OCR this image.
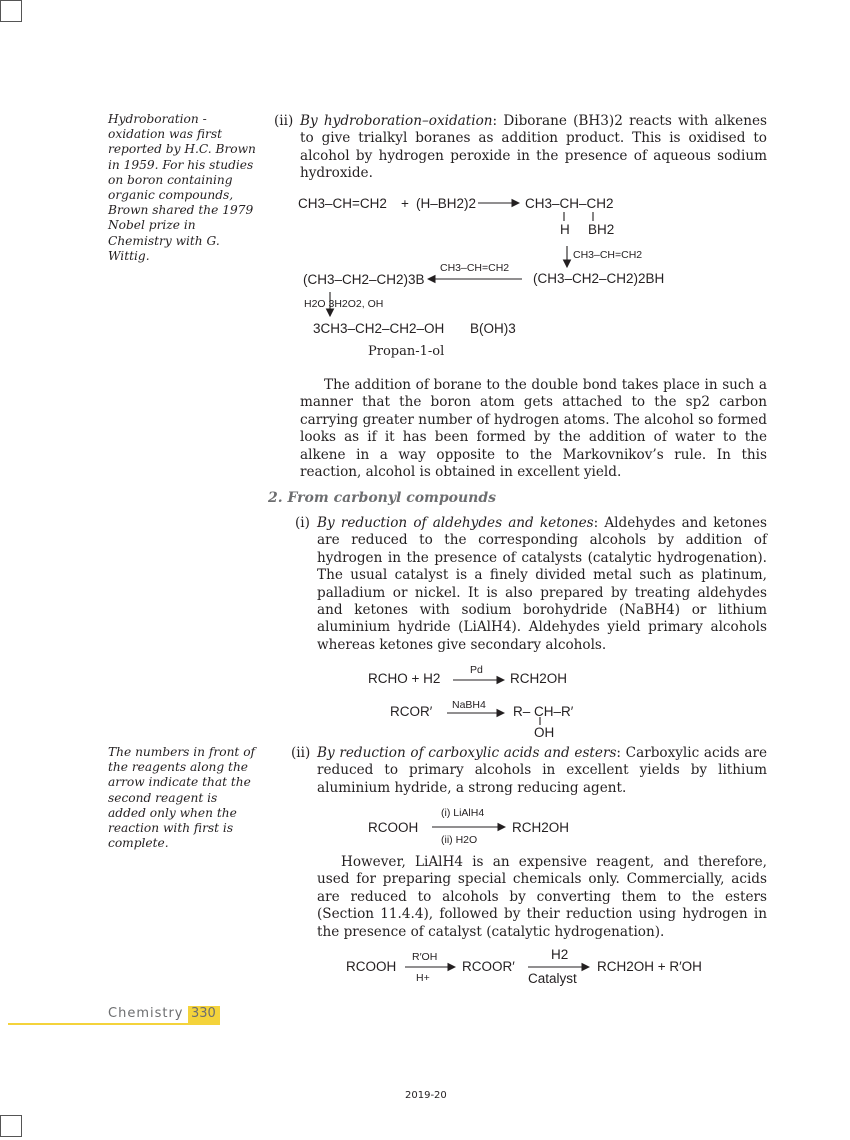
Hydroboration - oxidation was first reported by H.C. Brown in 1959. For his studies on boron containing organic compounds, Brown shared the 1979 Nobel prize in Chemistry with G. Wittig.
The numbers in front of the reagents along the arrow indicate that the second reagent is added only when the reaction with first is complete.
(ii) By hydroboration–oxidation: Diborane (BH3)2 reacts with alkenes to give trialkyl boranes as addition product. This is oxidised to alcohol by hydrogen peroxide in the presence of aqueous sodium hydroxide.
CH3–CH=CH2 + (H–BH2)2	CH3–CH–CH2
H BH2
CH3–CH=CH2
(CH3–CH2–CH2)2BH
CH3–CH=CH2
(CH3–CH2–CH2)3B
H2O 3H2O2, OH
3CH3–CH2–CH2–OH B(OH)3
Propan-1-ol
The addition of borane to the double bond takes place in such a manner that the boron atom gets attached to the sp2 carbon carrying greater number of hydrogen atoms. The alcohol so formed looks as if it has been formed by the addition of water to the alkene in a way opposite to the Markovnikov’s rule. In this reaction, alcohol is obtained in excellent yield.
2. From carbonyl compounds
(i) By reduction of aldehydes and ketones: Aldehydes and ketones are reduced to the corresponding alcohols by addition of hydrogen in the presence of catalysts (catalytic hydrogenation). The usual catalyst is a finely divided metal such as platinum, palladium or nickel. It is also prepared by treating aldehydes and ketones with sodium borohydride (NaBH4) or lithium aluminium hydride (LiAlH4). Aldehydes yield primary alcohols whereas ketones give secondary alcohols.
RCHO + H2
Pd
RCH2OH
RCOR′ NaBH4 R– CH–R′
OH
(ii) By reduction of carboxylic acids and esters: Carboxylic acids are reduced to primary alcohols in excellent yields by lithium aluminium hydride, a strong reducing agent.
RCOOH
(i) LiAlH4
(ii) H2O
RCH2OH
However, LiAlH4 is an expensive reagent, and therefore, used for preparing special chemicals only. Commercially, acids are reduced to alcohols by converting them to the esters (Section 11.4.4), followed by their reduction using hydrogen in the presence of catalyst (catalytic hydrogenation).
RCOOH
R′OH
H+
RCOOR′
H2
Catalyst
RCH2OH + R′OH
Chemistry 330
2019-20
